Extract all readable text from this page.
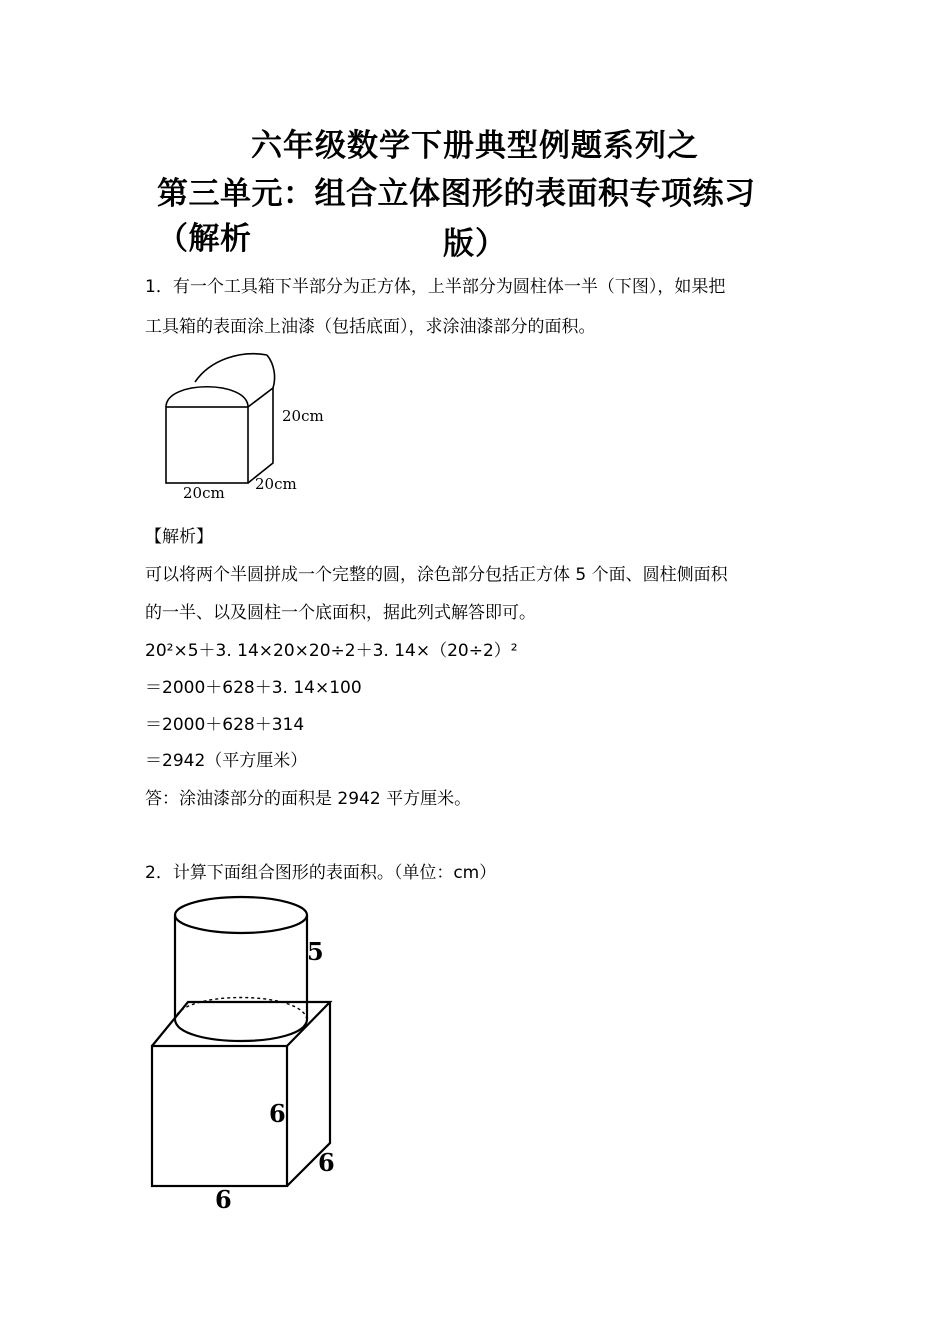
六年级数学下册典型例题系列之
第三单元：组合立体图形的表面积专项练习（解析	版）
1．有一个工具箱下半部分为正方体，上半部分为圆柱体一半（下图），如果把
工具箱的表面涂上油漆（包括底面），求涂油漆部分的面积。
20cm
20cm 20cm
【解析】
可以将两个半圆拼成一个完整的圆，涂色部分包括正方体 5 个面、圆柱侧面积
的一半、以及圆柱一个底面积，据此列式解答即可。
20²×5＋3. 14×20×20÷2＋3. 14×（20÷2）²
＝2000＋628＋3. 14×100
＝2000＋628＋314
＝2942（平方厘米）
答：涂油漆部分的面积是 2942 平方厘米。
2．计算下面组合图形的表面积。（单位：cm）
5
6
6
6
